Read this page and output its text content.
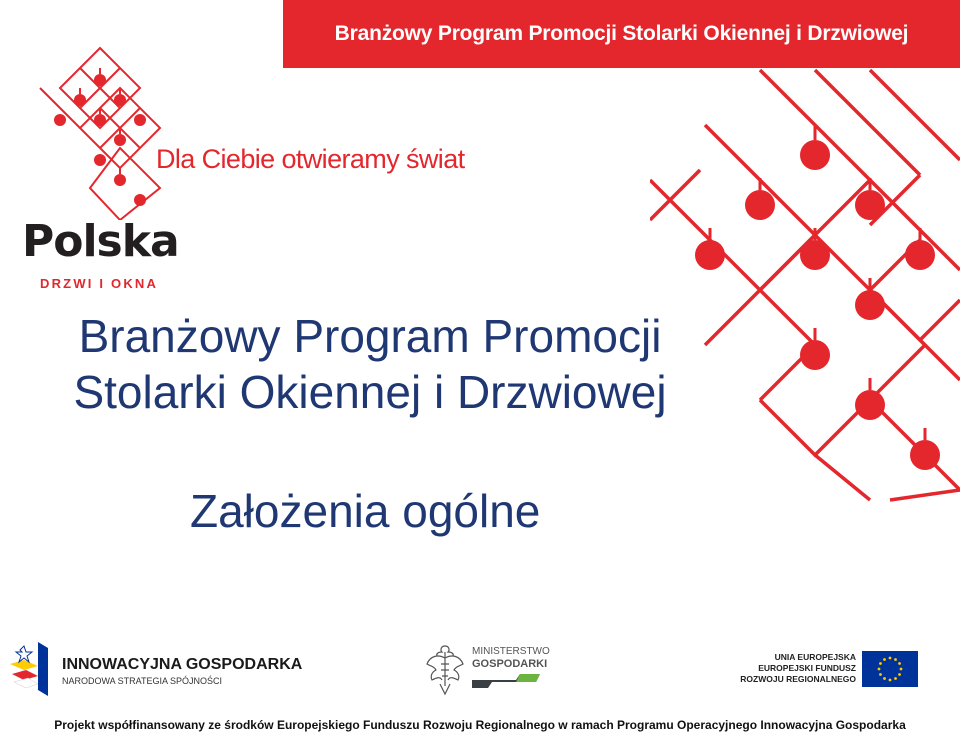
Branżowy Program Promocji Stolarki Okiennej i Drzwiowej
Dla Ciebie otwieramy świat
Polska
DRZWI I OKNA
Branżowy Program Promocji
Stolarki Okiennej i Drzwiowej
Założenia ogólne
INNOWACYJNA GOSPODARKA
NARODOWA STRATEGIA SPÓJNOŚCI
MINISTERSTWO
GOSPODARKI
UNIA EUROPEJSKA
EUROPEJSKI FUNDUSZ
ROZWOJU REGIONALNEGO
Projekt współfinansowany ze środków Europejskiego Funduszu Rozwoju Regionalnego w ramach Programu Operacyjnego Innowacyjna Gospodarka
